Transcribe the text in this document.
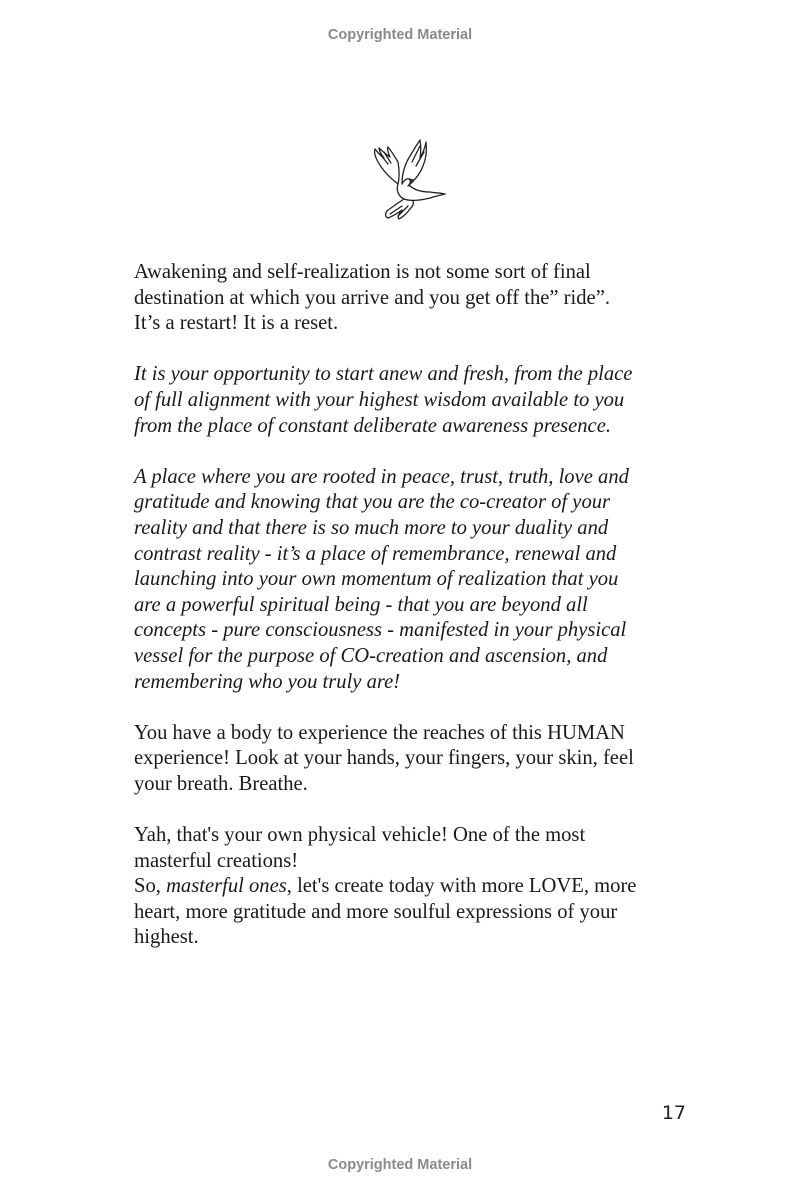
Copyrighted Material

Awakening and self-realization is not some sort of final
destination at which you arrive and you get off the” ride”.
It’s a restart! It is a reset.

It is your opportunity to start anew and fresh, from the place
of full alignment with your highest wisdom available to you
from the place of constant deliberate awareness presence.

A place where you are rooted in peace, trust, truth, love and
gratitude and knowing that you are the co-creator of your
reality and that there is so much more to your duality and
contrast reality - it’s a place of remembrance, renewal and
launching into your own momentum of realization that you
are a powerful spiritual being - that you are beyond all
concepts - pure consciousness - manifested in your physical
vessel for the purpose of CO-creation and ascension, and
remembering who you truly are!

You have a body to experience the reaches of this HUMAN
experience! Look at your hands, your fingers, your skin, feel
your breath. Breathe.

Yah, that's your own physical vehicle! One of the most
masterful creations!
So, masterful ones, let's create today with more LOVE, more
heart, more gratitude and more soulful expressions of your
highest.

17
Copyrighted Material
